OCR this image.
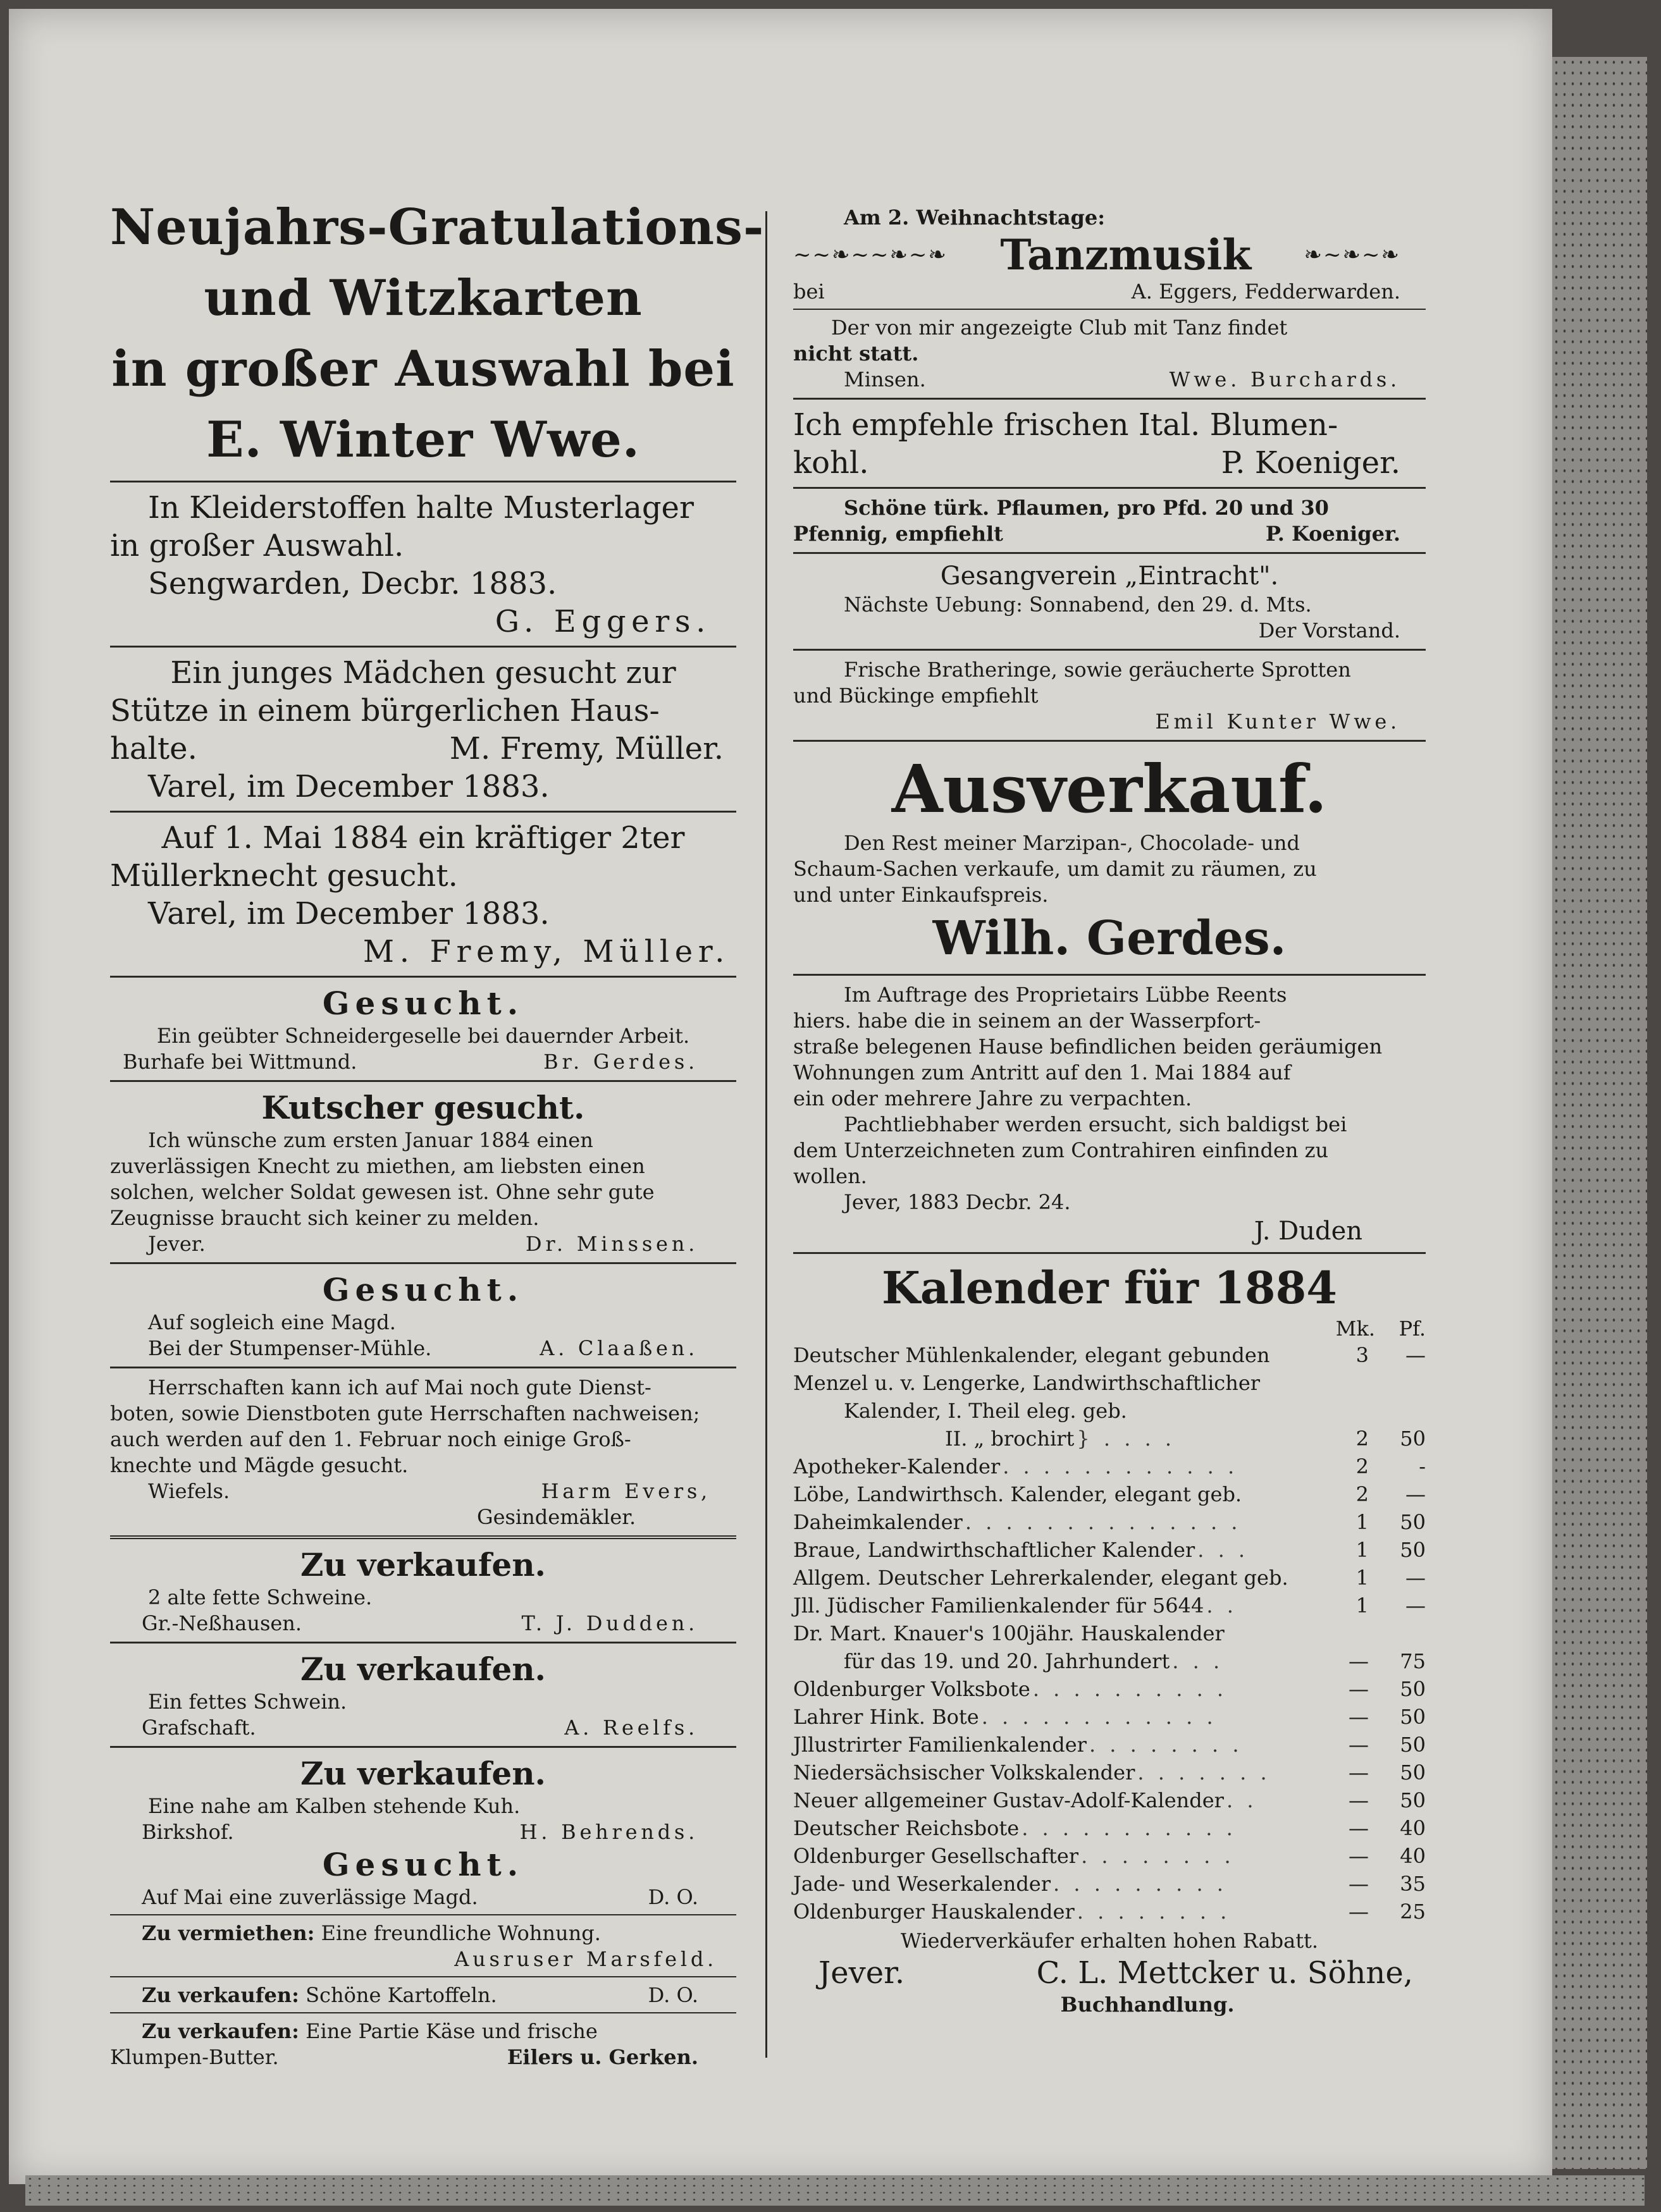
Neujahrs-Gratulations-
und Witzkarten
in großer Auswahl bei
E. Winter Wwe.
In Kleiderstoffen halte Musterlager
in großer Auswahl.
Sengwarden, Decbr. 1883.
G. Eggers.
Ein junges Mädchen gesucht zur
Stütze in einem bürgerlichen Haus-
halte.	M. Fremy, Müller.
Varel, im December 1883.
Auf 1. Mai 1884 ein kräftiger 2ter
Müllerknecht gesucht.
Varel, im December 1883.
M. Fremy, Müller.
Gesucht.
Ein geübter Schneidergeselle bei dauernder Arbeit.
Burhafe bei Wittmund.	Br. Gerdes.
Kutscher gesucht.
Ich wünsche zum ersten Januar 1884 einen
zuverlässigen Knecht zu miethen, am liebsten einen
solchen, welcher Soldat gewesen ist. Ohne sehr gute
Zeugnisse braucht sich keiner zu melden.
Jever.	Dr. Minssen.
Gesucht.
Auf sogleich eine Magd.
Bei der Stumpenser-Mühle.	A. Claaßen.
Herrschaften kann ich auf Mai noch gute Dienst-
boten, sowie Dienstboten gute Herrschaften nachweisen;
auch werden auf den 1. Februar noch einige Groß-
knechte und Mägde gesucht.
Wiefels.	Harm Evers,
Gesindemäkler.
Zu verkaufen.
2 alte fette Schweine.
Gr.-Neßhausen.	T. J. Dudden.
Zu verkaufen.
Ein fettes Schwein.
Grafschaft.	A. Reelfs.
Zu verkaufen.
Eine nahe am Kalben stehende Kuh.
Birkshof.	H. Behrends.
Gesucht.
Auf Mai eine zuverlässige Magd.	D. O.
Zu vermiethen: Eine freundliche Wohnung.
Ausruser Marsfeld.
Zu verkaufen: Schöne Kartoffeln.	D. O.
Zu verkaufen: Eine Partie Käse und frische
Klumpen-Butter.	Eilers u. Gerken.
Am 2. Weihnachtstage:
~~❧~~❧~❧ Tanzmusik ❧~❧~❧
bei	A. Eggers, Fedderwarden.
Der von mir angezeigte Club mit Tanz findet
nicht statt.
Minsen.	Wwe. Burchards.
Ich empfehle frischen Ital. Blumen-
kohl.	P. Koeniger.
Schöne türk. Pflaumen, pro Pfd. 20 und 30
Pfennig, empfiehlt	P. Koeniger.
Gesangverein „Eintracht".
Nächste Uebung: Sonnabend, den 29. d. Mts.
Der Vorstand.
Frische Bratheringe, sowie geräucherte Sprotten
und Bückinge empfiehlt
Emil Kunter Wwe.
Ausverkauf.
Den Rest meiner Marzipan-, Chocolade- und
Schaum-Sachen verkaufe, um damit zu räumen, zu
und unter Einkaufspreis.
Wilh. Gerdes.
Im Auftrage des Proprietairs Lübbe Reents
hiers. habe die in seinem an der Wasserpfort-
straße belegenen Hause befindlichen beiden geräumigen
Wohnungen zum Antritt auf den 1. Mai 1884 auf
ein oder mehrere Jahre zu verpachten.
Pachtliebhaber werden ersucht, sich baldigst bei
dem Unterzeichneten zum Contrahiren einfinden zu
wollen.
Jever, 1883 Decbr. 24.
J. Duden
Kalender für 1884
Mk.	Pf.
Deutscher Mühlenkalender, elegant gebunden	3	—
Menzel u. v. Lengerke, Landwirthschaftlicher
Kalender, I. Theil eleg. geb.
II. „ brochirt } . . . .	2	50
Apotheker-Kalender . . . . . . . . . . . .	2	-
Löbe, Landwirthsch. Kalender, elegant geb.	2	—
Daheimkalender . . . . . . . . . . . . . .	1	50
Braue, Landwirthschaftlicher Kalender . . .	1	50
Allgem. Deutscher Lehrerkalender, elegant geb.	1	—
Jll. Jüdischer Familienkalender für 5644 . .	1	—
Dr. Mart. Knauer's 100jähr. Hauskalender
für das 19. und 20. Jahrhundert . . .	—	75
Oldenburger Volksbote . . . . . . . . . .	—	50
Lahrer Hink. Bote . . . . . . . . . . . .	—	50
Jllustrirter Familienkalender . . . . . . . .	—	50
Niedersächsischer Volkskalender . . . . . . .	—	50
Neuer allgemeiner Gustav-Adolf-Kalender . .	—	50
Deutscher Reichsbote . . . . . . . . . . .	—	40
Oldenburger Gesellschafter . . . . . . . .	—	40
Jade- und Weserkalender . . . . . . . . .	—	35
Oldenburger Hauskalender . . . . . . . .	—	25
Wiederverkäufer erhalten hohen Rabatt.
Jever.	C. L. Mettcker u. Söhne,
Buchhandlung.
